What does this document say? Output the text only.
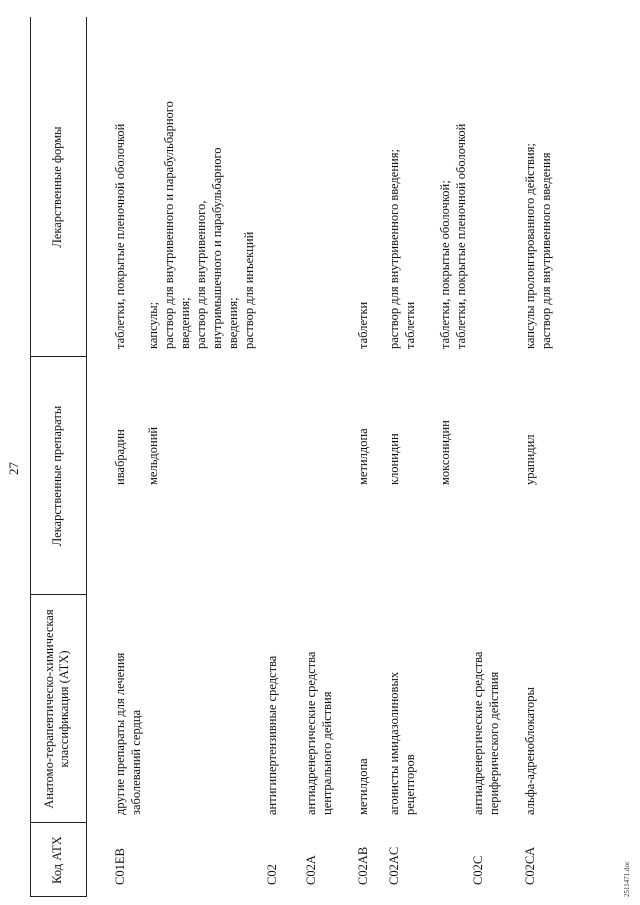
27
Код АТХ
Анатомо-терапевтическо-химическая
классификация (АТХ)
Лекарственные препараты
Лекарственные формы
C01EB
другие препараты для лечения
заболеваний сердца
ивабрадин
таблетки, покрытые пленочной оболочкой
мельдоний
капсулы;
раствор для внутривенного и парабульбарного
введения;
раствор для внутривенного,
внутримышечного и парабульбарного
введения;
раствор для инъекций
C02
антигипертензивные средства
C02A
антиадренергические средства
центрального действия
C02AB
метилдопа
метилдопа
таблетки
C02AC
агонисты имидазолиновых
рецепторов
клонидин
раствор для внутривенного введения;
таблетки
моксонидин
таблетки, покрытые оболочкой;
таблетки, покрытые пленочной оболочкой
C02C
антиадренергические средства
периферического действия
C02CA
альфа-адреноблокаторы
урапидил
капсулы пролонгированного действия;
раствор для внутривенного введения
2511471.doc
